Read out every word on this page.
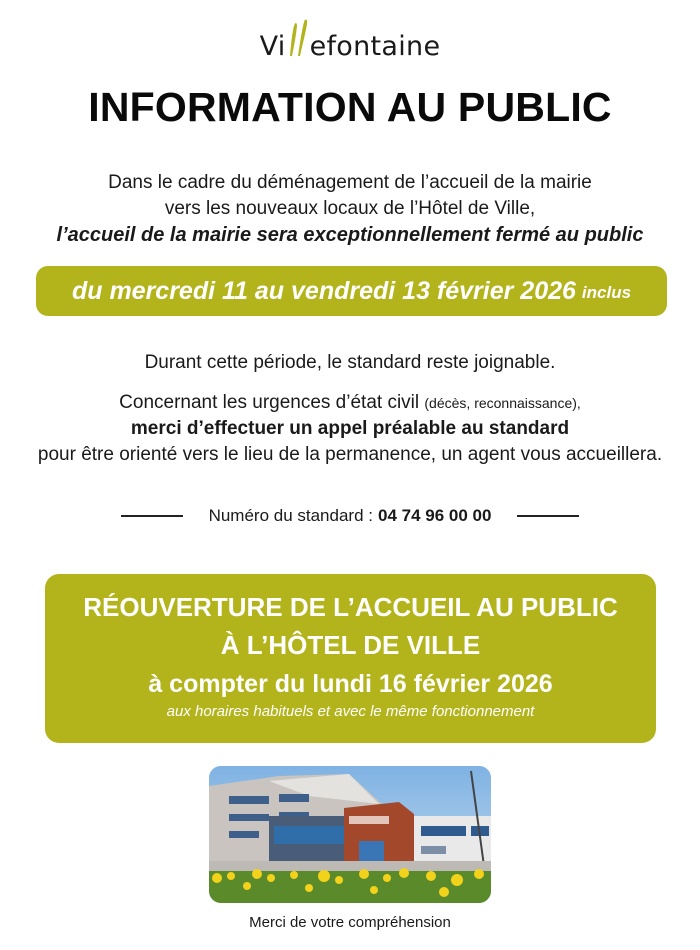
Vi efontaine
INFORMATION AU PUBLIC
Dans le cadre du déménagement de l’accueil de la mairie
vers les nouveaux locaux de l’Hôtel de Ville,
l’accueil de la mairie sera exceptionnellement fermé au public
du mercredi 11 au vendredi 13 février 2026 inclus

Durant cette période, le standard reste joignable.

Concernant les urgences d’état civil (décès, reconnaissance),

merci d’effectuer un appel préalable au standard

pour être orienté vers le lieu de la permanence, un agent vous accueillera.

Numéro du standard : 04 74 96 00 00
RÉOUVERTURE DE L’ACCUEIL AU PUBLIC
À L’HÔTEL DE VILLE
à compter du lundi 16 février 2026
aux horaires habituels et avec le même fonctionnement
Merci de votre compréhension
